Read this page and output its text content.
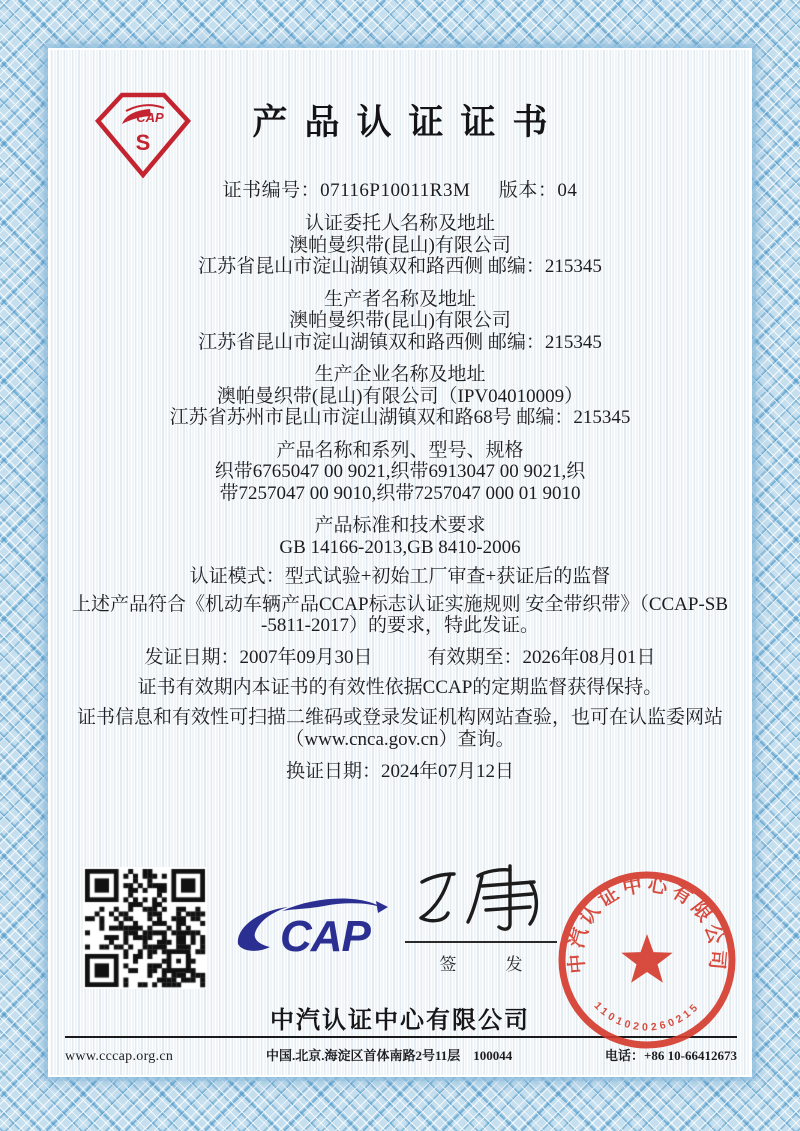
CAP
S
产品认证证书
证书编号：07116P10011R3M 版本：04
认证委托人名称及地址
澳帕曼织带(昆山)有限公司
江苏省昆山市淀山湖镇双和路西侧 邮编：215345
生产者名称及地址
澳帕曼织带(昆山)有限公司
江苏省昆山市淀山湖镇双和路西侧 邮编：215345
生产企业名称及地址
澳帕曼织带(昆山)有限公司（IPV04010009）
江苏省苏州市昆山市淀山湖镇双和路68号 邮编：215345
产品名称和系列、型号、规格
织带6765047 00 9021,织带6913047 00 9021,织
带7257047 00 9010,织带7257047 000 01 9010
产品标准和技术要求
GB 14166-2013,GB 8410-2006
认证模式：型式试验+初始工厂审查+获证后的监督
上述产品符合《机动车辆产品CCAP标志认证实施规则 安全带织带》（CCAP-SB
-5811-2017）的要求，特此发证。
发证日期：2007年09月30日	有效期至：2026年08月01日
证书有效期内本证书的有效性依据CCAP的定期监督获得保持。
证书信息和有效性可扫描二维码或登录发证机构网站查验，也可在认监委网站
（www.cnca.gov.cn）查询。
换证日期：2024年07月12日
CAP
签　发	中汽认证中心有限公司
1101020260215
中汽认证中心有限公司
www.cccap.org.cn	中国.北京.海淀区首体南路2号11层　100044	电话：+86 10-66412673
